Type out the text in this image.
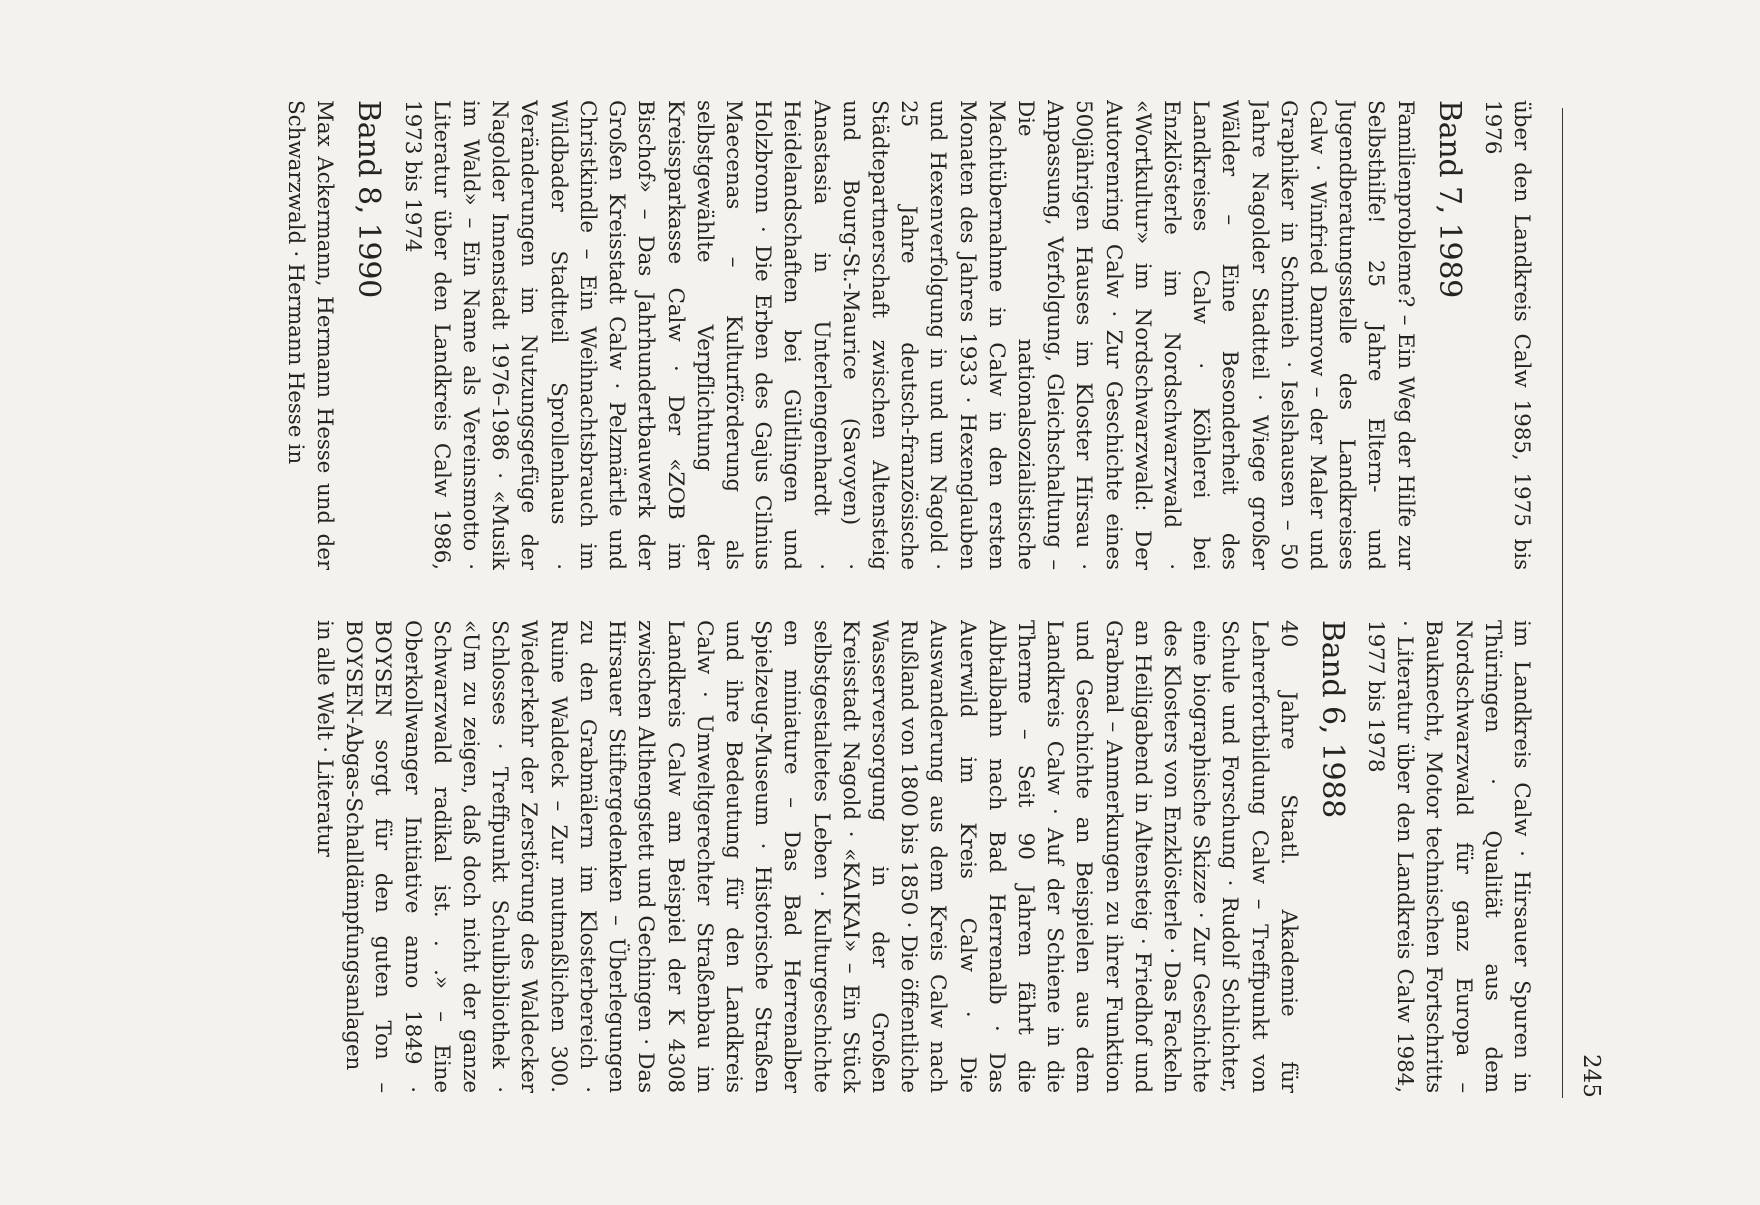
245

über den Landkreis Calw 1985, 1975 bis 1976

Band 7, 1989

Familienprobleme? – Ein Weg der Hilfe zur Selbsthilfe! 25 Jahre Eltern- und Jugendberatungsstelle des Landkreises Calw · Winfried Damrow – der Maler und Graphiker in Schmieh · Iselshausen – 50 Jahre Nagolder Stadtteil · Wiege großer Wälder – Eine Besonderheit des Landkreises Calw · Köhlerei bei Enzklösterle im Nordschwarzwald · «Wortkultur» im Nordschwarzwald: Der Autorenring Calw · Zur Geschichte eines 500jährigen Hauses im Kloster Hirsau · Anpassung, Verfolgung, Gleichschaltung – Die nationalsozialistische Machtübernahme in Calw in den ersten Monaten des Jahres 1933 · Hexenglauben und Hexenverfolgung in und um Nagold · 25 Jahre deutsch-französische Städtepartnerschaft zwischen Altensteig und Bourg-St.-Maurice (Savoyen) · Anastasia in Unterlengenhardt · Heidelandschaften bei Gültlingen und Holzbronn · Die Erben des Gajus Cilnius Maecenas – Kulturförderung als selbstgewählte Verpflichtung der Kreissparkasse Calw · Der «ZOB im Bischof» – Das Jahrhundertbauwerk der Großen Kreisstadt Calw · Pelzmärtle und Christkindle – Ein Weihnachtsbrauch im Wildbader Stadtteil Sprollenhaus · Veränderungen im Nutzungsgefüge der Nagolder Innenstadt 1976–1986 · «Musik im Wald» – Ein Name als Vereinsmotto · Literatur über den Landkreis Calw 1986, 1973 bis 1974

Band 8, 1990

Max Ackermann, Hermann Hesse und der Schwarzwald · Hermann Hesse in

im Landkreis Calw · Hirsauer Spuren in Thüringen · Qualität aus dem Nordschwarzwald für ganz Europa – Bauknecht, Motor technischen Fortschritts · Literatur über den Landkreis Calw 1984, 1977 bis 1978

Band 6, 1988

40 Jahre Staatl. Akademie für Lehrerfortbildung Calw – Treffpunkt von Schule und Forschung · Rudolf Schlichter, eine biographische Skizze · Zur Geschichte des Klosters von Enzklösterle · Das Fackeln an Heiligabend in Altensteig · Friedhof und Grabmal – Anmerkungen zu ihrer Funktion und Geschichte an Beispielen aus dem Landkreis Calw · Auf der Schiene in die Therme – Seit 90 Jahren fährt die Albtalbahn nach Bad Herrenalb · Das Auerwild im Kreis Calw · Die Auswanderung aus dem Kreis Calw nach Rußland von 1800 bis 1850 · Die öffentliche Wasserversorgung in der Großen Kreisstadt Nagold · «KAIKAI» – Ein Stück selbstgestaltetes Leben · Kulturgeschichte en miniature – Das Bad Herrenalber Spielzeug-Museum · Historische Straßen und ihre Bedeutung für den Landkreis Calw · Umweltgerechter Straßenbau im Landkreis Calw am Beispiel der K 4308 zwischen Althengstett und Gechingen · Das Hirsauer Stiftergedenken – Überlegungen zu den Grabmälern im Klosterbereich · Ruine Waldeck – Zur mutmaßlichen 300. Wiederkehr der Zerstörung des Waldecker Schlosses · Treffpunkt Schulbibliothek · «Um zu zeigen, daß doch nicht der ganze Schwarzwald radikal ist. . .» – Eine Oberkollwanger Initiative anno 1849 · BOYSEN sorgt für den guten Ton – BOYSEN-Abgas-Schalldämpfungsanlagen in alle Welt · Literatur
